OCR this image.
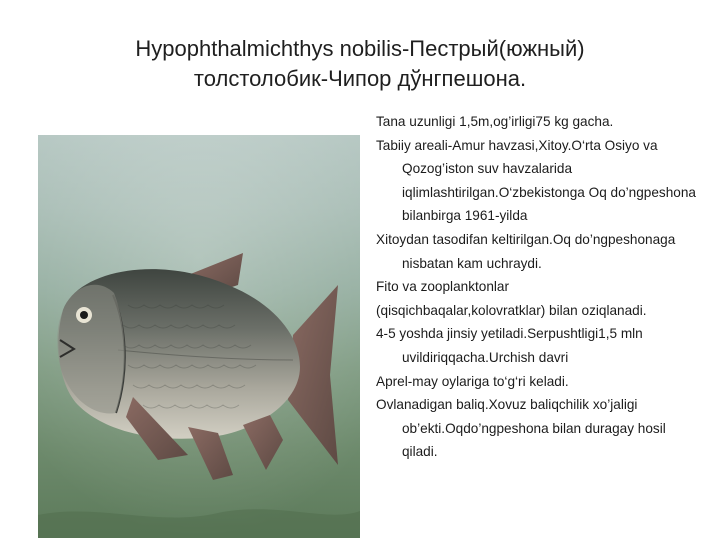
Hypophthalmichthys nobilis-Пестрый(южный)
толстолобик-Чипор дўнгпешона.

Tana uzunligi 1,5m,og’irligi75 kg gacha.

Tabiiy areali-Amur havzasi,Xitoy.O‘rta Osiyo va Qozog’iston suv havzalarida iqlimlashtirilgan.O‘zbekistonga Oq do’ngpeshona bilanbirga 1961-yilda

Xitoydan tasodifan keltirilgan.Oq do’ngpeshonaga nisbatan kam uchraydi.

Fito va zooplanktonlar

(qisqichbaqalar,kolovratklar) bilan oziqlanadi.

4-5 yoshda jinsiy yetiladi.Serpushtligi1,5 mln uvildiriqqacha.Urchish davri

Aprel-may oylariga to‘g‘ri keladi.

Ovlanadigan baliq.Xovuz baliqchilik xo’jaligi ob’ekti.Oqdo’ngpeshona bilan duragay hosil qiladi.
